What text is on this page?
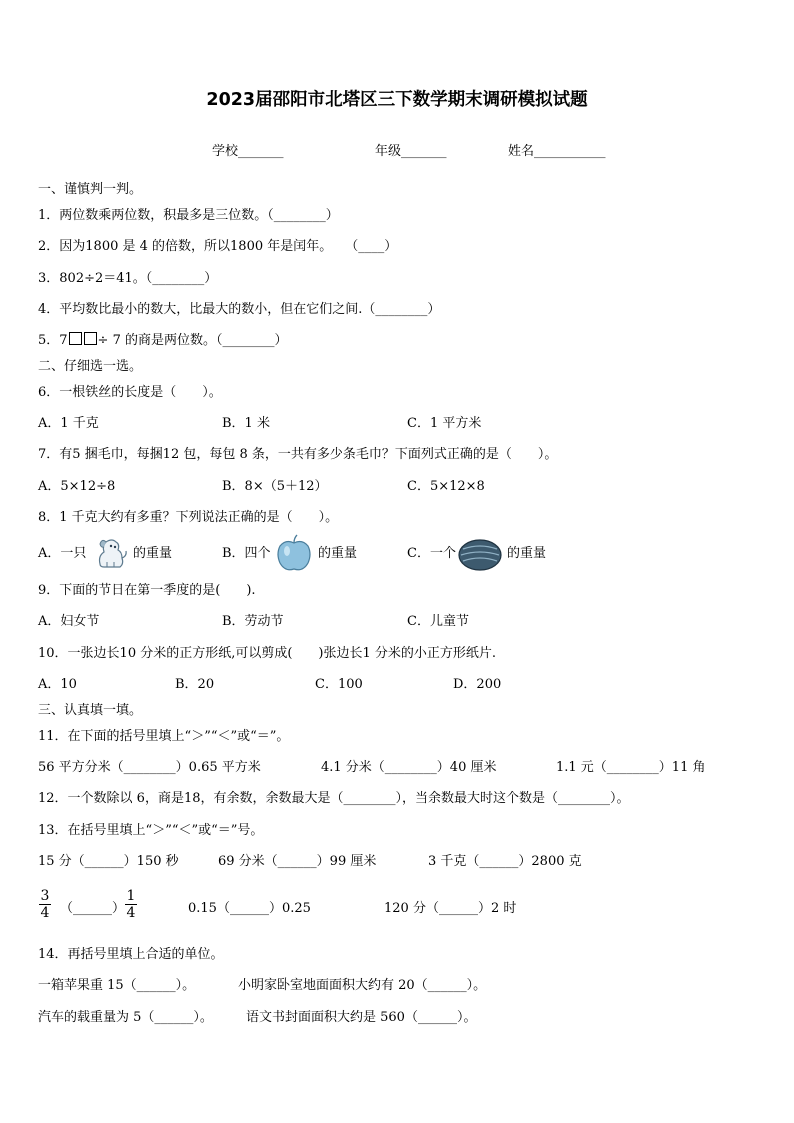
2023届邵阳市北塔区三下数学期末调研模拟试题
学校_______	年级_______	姓名___________
一、谨慎判一判。
1．两位数乘两位数，积最多是三位数。（________）
2．因为1800 是 4 的倍数，所以1800 年是闰年。　　（____）
3．802÷2＝41。（________）
4．平均数比最小的数大，比最大的数小，但在它们之间.（________）
5．7 ÷ 7 的商是两位数。（________）
二、仔细选一选。
6．一根铁丝的长度是（　　）。
A．1 千克	B．1 米	C．1 平方米
7．有5 捆毛巾，每捆12 包，每包 8 条，一共有多少条毛巾？下面列式正确的是（　　）。
A．5×12÷8	B．8×（5＋12）	C．5×12×8
8．1 千克大约有多重？下列说法正确的是（　　）。
A．一只	的重量	B．四个	的重量	C．一个	的重量
9．下面的节日在第一季度的是(　　).
A．妇女节	B．劳动节	C．儿童节
10．一张边长10 分米的正方形纸,可以剪成(　　)张边长1 分米的小正方形纸片.
A．10	B．20	C．100	D．200
三、认真填一填。
11．在下面的括号里填上“＞”“＜”或“＝”。
56 平方分米（________）0.65 平方米	4.1 分米（________）40 厘米	1.1 元（________）11 角
12．一个数除以 6，商是18，有余数，余数最大是（________），当余数最大时这个数是（________）。
13．在括号里填上“＞”“＜”或“＝”号。
15 分（______）150 秒	69 分米（______）99 厘米	3 千克（______）2800 克
$\frac{3}{4}$ （______） $\frac{1}{4}$	0.15（______）0.25	120 分（______）2 时
14．再括号里填上合适的单位。
一箱苹果重 15（______）。	小明家卧室地面面积大约有 20（______）。
汽车的载重量为 5（______）。	语文书封面面积大约是 560（______）。
